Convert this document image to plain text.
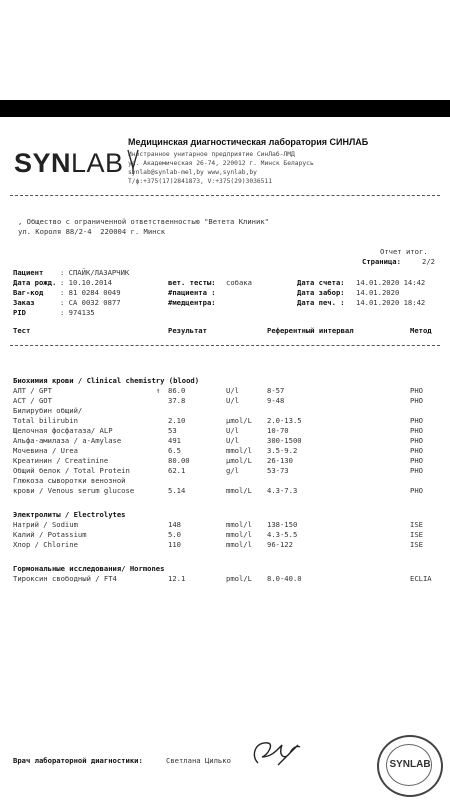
SYNLAB
Медицинская диагностическая лаборатория СИНЛАБ
Иностранное унитарное предприятие СинЛаб-ЛМД
ул. Академическая 26-74, 220012 г. Минск Беларусь
synlab@synlab-mel,by www,synlab,by
T/ф:+375(17)2841873, V:+375(29)3036511
, Общество с ограниченной ответственностью "Ветета Клиник"
ул. Короля 88/2-4  220004 г. Минск
Отчет итог.
Страница:	2/2
Пациент : СПАЙК/ЛАЗАРЧИК
Дата рожд. : 10.10.2014
Ваг-код : 81 0284 0049
Заказ	: CA 0032 0877
PID	: 974135
вет. тесты: собака
#пациента :
#медцентра:
Дата счета: 14.01.2020 14:42
Дата забор: 14.01.2020
Дата печ. : 14.01.2020 18:42
Тест	Результат	Референтный интервал	Метод
Биохимия крови / Clinical chemistry (blood)
АЛТ / GPT	↑ 86.0	U/l	8-57	PHO
ACT / GOT	37.8	U/l	9-48	PHO
Билирубин общий/
Total bilirubin	2.10	µmol/L 2.0-13.5	PHO
Щелочная фосфатаза/ ALP	53	U/l	10-70	PHO
Альфа-амилаза / a-Amylase	491	U/l	300-1500	PHO
Мочевина / Urea	6.5	mmol/l 3.5-9.2	PHO
Креатинин / Creatinine	80.00	µmol/L 26-130	PHO
Общий белок / Total Protein	62.1	g/l	53-73	PHO
Глюкоза сыворотки венозной
крови / Venous serum glucose	5.14	mmol/L 4.3-7.3	PHO
Электролиты / Electrolytes
Натрий / Sodium	148	mmol/l 138-150	ISE
Калий / Potassium	5.0	mmol/l 4.3-5.5	ISE
Хлор / Chlorine	110	mmol/l 96-122	ISE
Гормональные исследования/ Hormones
Тироксин свободный / FT4	12.1	pmol/L 8.0-40.0	ECLIA
Врач лабораторной диагностики:	Светлана Цилько	SYNLAB
